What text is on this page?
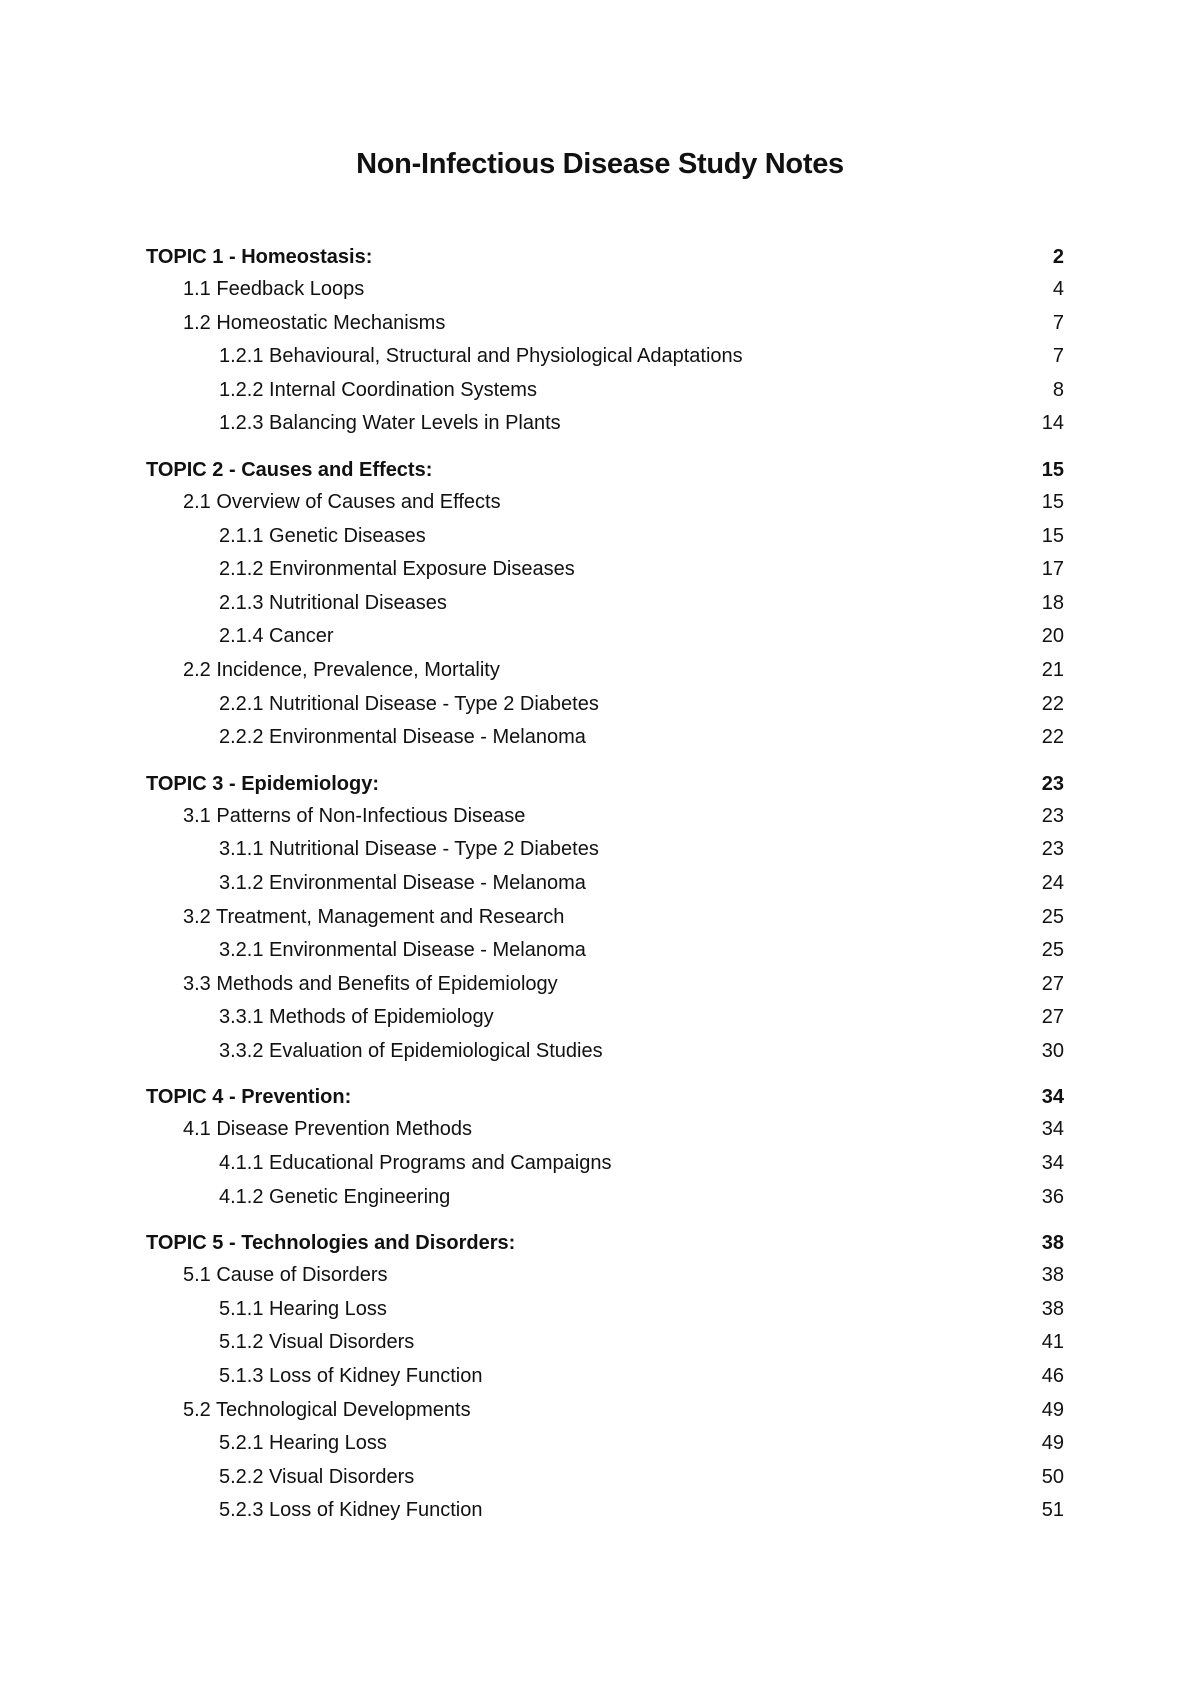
Non-Infectious Disease Study Notes
TOPIC 1 - Homeostasis:	2
1.1 Feedback Loops	4
1.2 Homeostatic Mechanisms	7
1.2.1 Behavioural, Structural and Physiological Adaptations	7
1.2.2 Internal Coordination Systems	8
1.2.3 Balancing Water Levels in Plants	14
TOPIC 2 - Causes and Effects:	15
2.1 Overview of Causes and Effects	15
2.1.1 Genetic Diseases	15
2.1.2 Environmental Exposure Diseases	17
2.1.3 Nutritional Diseases	18
2.1.4 Cancer	20
2.2 Incidence, Prevalence, Mortality	21
2.2.1 Nutritional Disease - Type 2 Diabetes	22
2.2.2 Environmental Disease - Melanoma	22
TOPIC 3 - Epidemiology:	23
3.1 Patterns of Non-Infectious Disease	23
3.1.1 Nutritional Disease - Type 2 Diabetes	23
3.1.2 Environmental Disease - Melanoma	24
3.2 Treatment, Management and Research	25
3.2.1 Environmental Disease - Melanoma	25
3.3 Methods and Benefits of Epidemiology	27
3.3.1 Methods of Epidemiology	27
3.3.2 Evaluation of Epidemiological Studies	30
TOPIC 4 - Prevention:	34
4.1 Disease Prevention Methods	34
4.1.1 Educational Programs and Campaigns	34
4.1.2 Genetic Engineering	36
TOPIC 5 - Technologies and Disorders:	38
5.1 Cause of Disorders	38
5.1.1 Hearing Loss	38
5.1.2 Visual Disorders	41
5.1.3 Loss of Kidney Function	46
5.2 Technological Developments	49
5.2.1 Hearing Loss	49
5.2.2 Visual Disorders	50
5.2.3 Loss of Kidney Function	51
